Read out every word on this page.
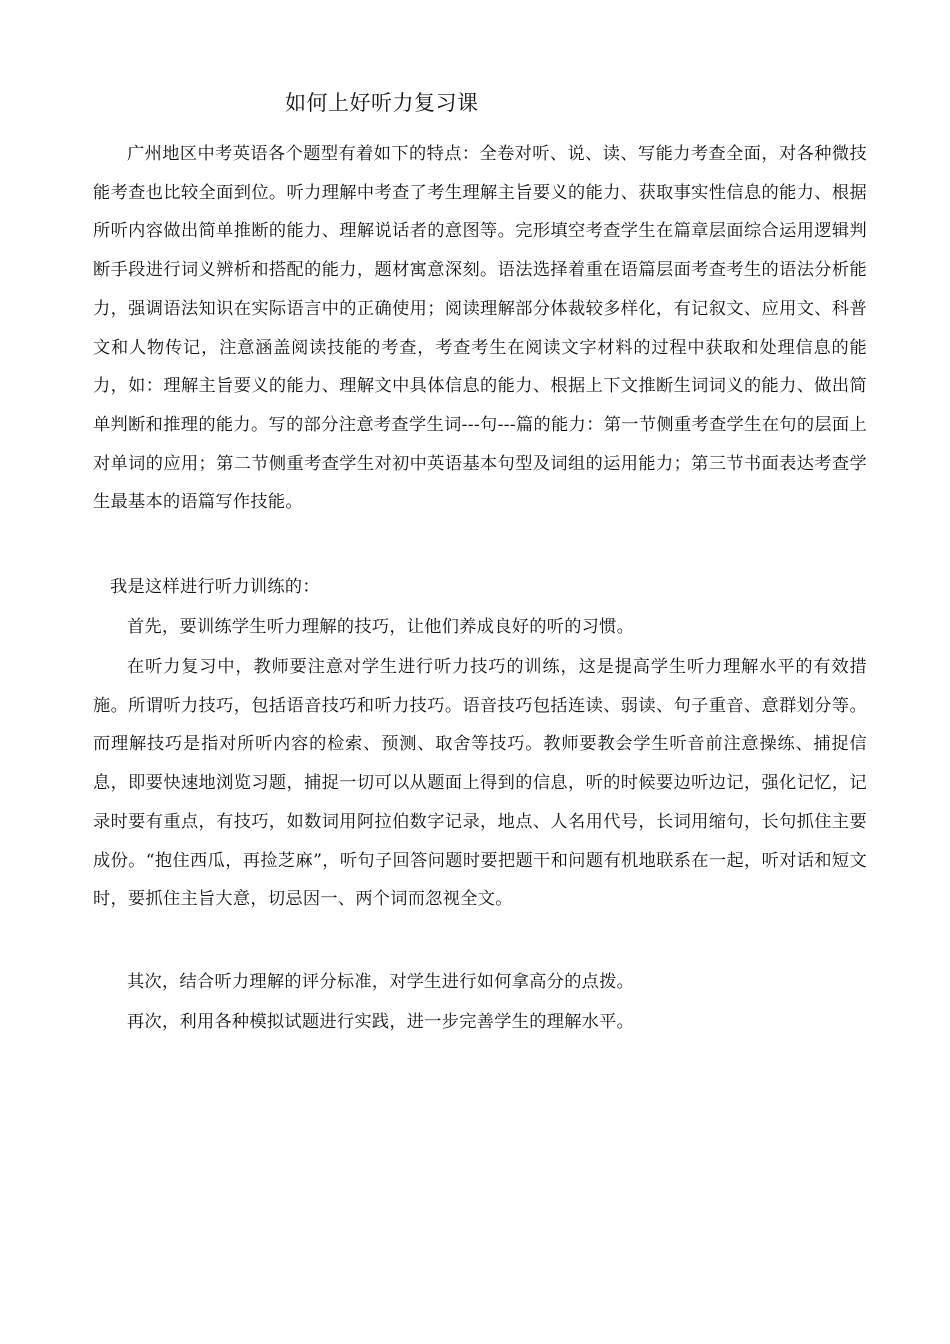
如何上好听力复习课

广州地区中考英语各个题型有着如下的特点：全卷对听、说、读、写能力考查全面，对各种微技能考查也比较全面到位。听力理解中考查了考生理解主旨要义的能力、获取事实性信息的能力、根据所听内容做出简单推断的能力、理解说话者的意图等。完形填空考查学生在篇章层面综合运用逻辑判断手段进行词义辨析和搭配的能力，题材寓意深刻。语法选择着重在语篇层面考查考生的语法分析能力，强调语法知识在实际语言中的正确使用；阅读理解部分体裁较多样化，有记叙文、应用文、科普文和人物传记，注意涵盖阅读技能的考查，考查考生在阅读文字材料的过程中获取和处理信息的能力，如：理解主旨要义的能力、理解文中具体信息的能力、根据上下文推断生词词义的能力、做出简单判断和推理的能力。写的部分注意考查学生词---句---篇的能力：第一节侧重考查学生在句的层面上对单词的应用；第二节侧重考查学生对初中英语基本句型及词组的运用能力；第三节书面表达考查学生最基本的语篇写作技能。

我是这样进行听力训练的：

首先，要训练学生听力理解的技巧，让他们养成良好的听的习惯。

在听力复习中，教师要注意对学生进行听力技巧的训练，这是提高学生听力理解水平的有效措施。所谓听力技巧，包括语音技巧和听力技巧。语音技巧包括连读、弱读、句子重音、意群划分等。而理解技巧是指对所听内容的检索、预测、取舍等技巧。教师要教会学生听音前注意操练、捕捉信息，即要快速地浏览习题，捕捉一切可以从题面上得到的信息，听的时候要边听边记，强化记忆，记录时要有重点，有技巧，如数词用阿拉伯数字记录，地点、人名用代号，长词用缩句，长句抓住主要成份。“抱住西瓜，再捡芝麻”，听句子回答问题时要把题干和问题有机地联系在一起，听对话和短文时，要抓住主旨大意，切忌因一、两个词而忽视全文。

其次，结合听力理解的评分标准，对学生进行如何拿高分的点拨。

再次，利用各种模拟试题进行实践，进一步完善学生的理解水平。
